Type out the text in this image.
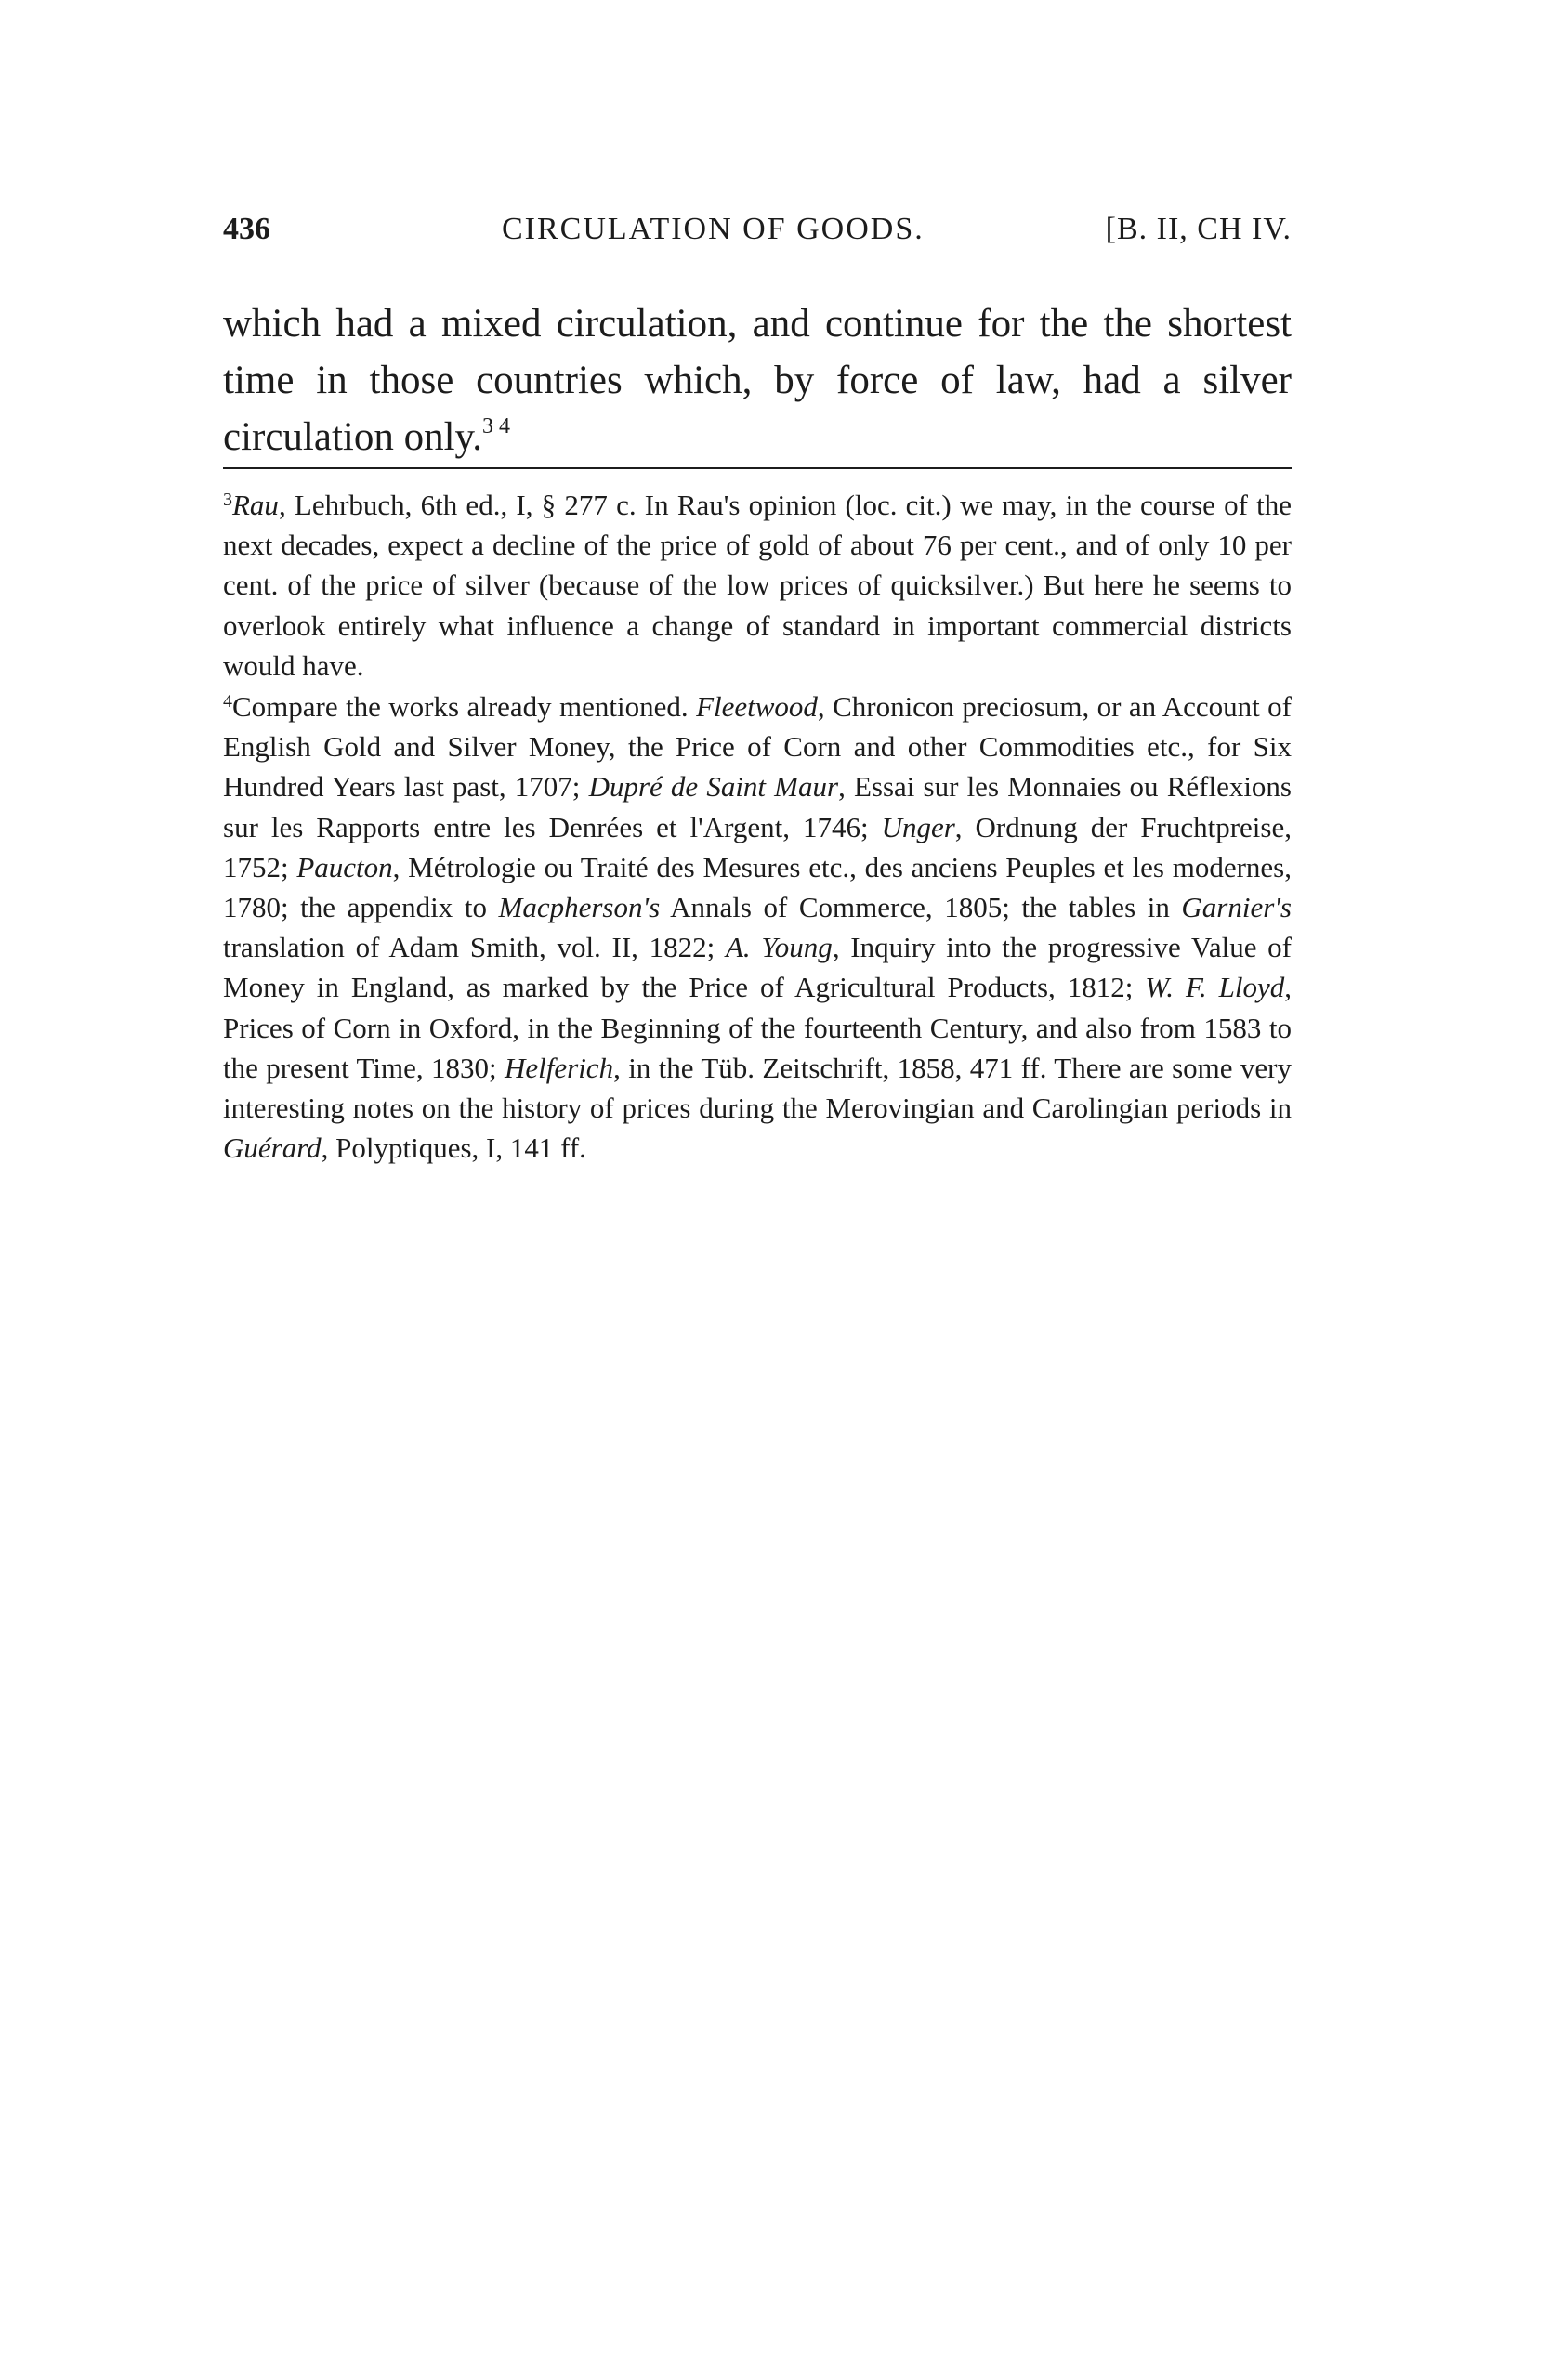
436	CIRCULATION OF GOODS.	[B. II, CH IV.
which had a mixed circulation, and continue for the the shortest time in those countries which, by force of law, had a silver circulation only.$^{3 4}$

$^3$Rau, Lehrbuch, 6th ed., I, § 277 c. In Rau's opinion (loc. cit.) we may, in the course of the next decades, expect a decline of the price of gold of about 76 per cent., and of only 10 per cent. of the price of silver (because of the low prices of quicksilver.) But here he seems to overlook entirely what influence a change of standard in important commercial districts would have.

$^4$Compare the works already mentioned. Fleetwood, Chronicon preciosum, or an Account of English Gold and Silver Money, the Price of Corn and other Commodities etc., for Six Hundred Years last past, 1707; Dupré de Saint Maur, Essai sur les Monnaies ou Réflexions sur les Rapports entre les Denrées et l'Argent, 1746; Unger, Ordnung der Fruchtpreise, 1752; Paucton, Métrologie ou Traité des Mesures etc., des anciens Peuples et les modernes, 1780; the appendix to Macpherson's Annals of Commerce, 1805; the tables in Garnier's translation of Adam Smith, vol. II, 1822; A. Young, Inquiry into the progressive Value of Money in England, as marked by the Price of Agricultural Products, 1812; W. F. Lloyd, Prices of Corn in Oxford, in the Beginning of the fourteenth Century, and also from 1583 to the present Time, 1830; Helferich, in the Tüb. Zeitschrift, 1858, 471 ff. There are some very interesting notes on the history of prices during the Merovingian and Carolingian periods in Guérard, Polyptiques, I, 141 ff.
